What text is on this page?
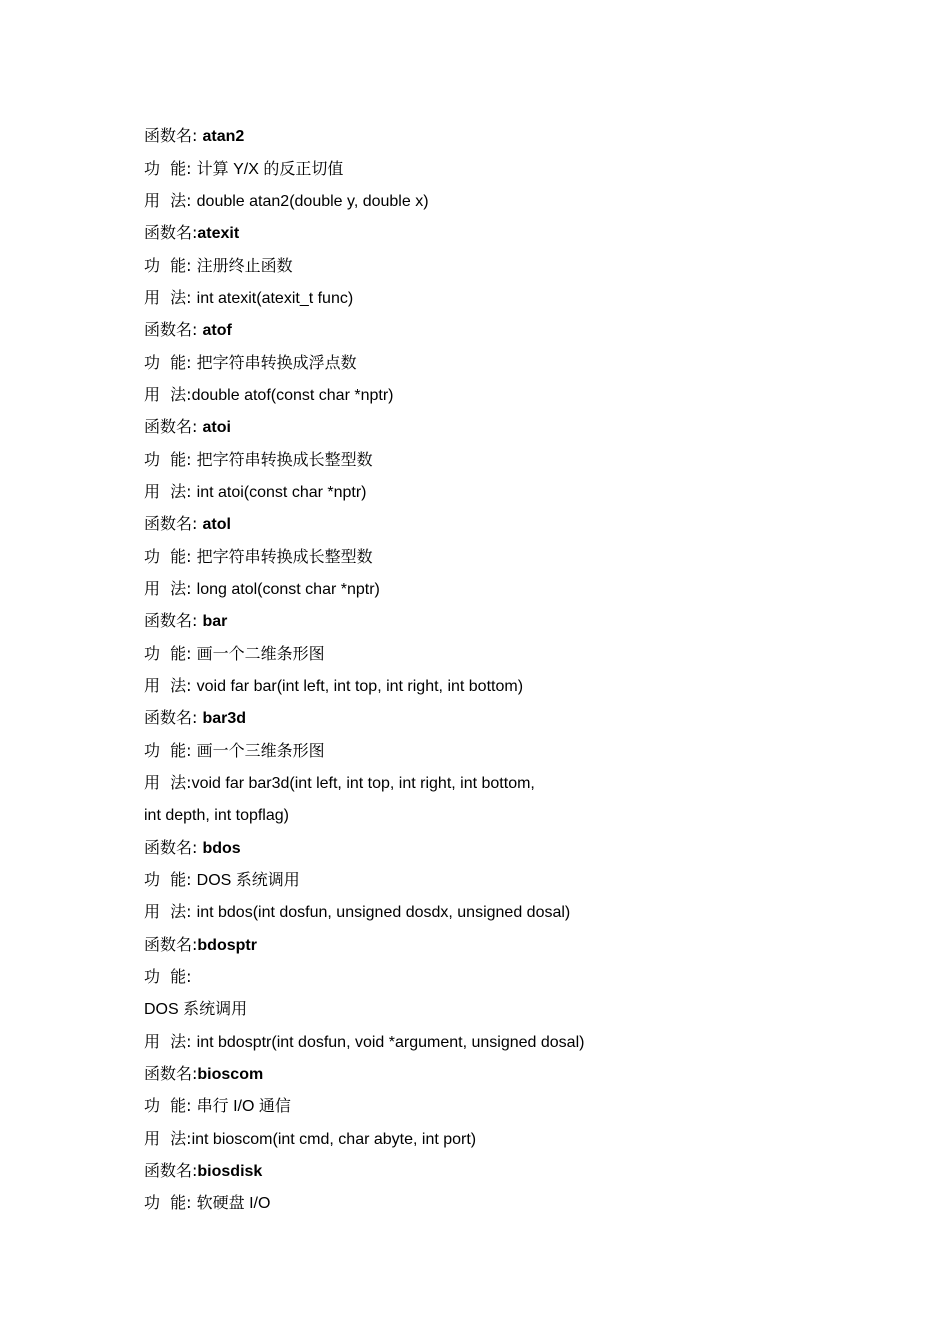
函数名: atan2
功  能: 计算 Y/X 的反正切值
用  法: double atan2(double y, double x)
函数名:atexit
功  能: 注册终止函数
用  法: int atexit(atexit_t func)
函数名: atof
功  能: 把字符串转换成浮点数
用  法:double atof(const char *nptr)
函数名: atoi
功  能: 把字符串转换成长整型数
用  法: int atoi(const char *nptr)
函数名: atol
功  能: 把字符串转换成长整型数
用  法: long atol(const char *nptr)
函数名: bar
功  能: 画一个二维条形图
用  法: void far bar(int left, int top, int right, int bottom)
函数名: bar3d
功  能: 画一个三维条形图
用  法:void far bar3d(int left, int top, int right, int bottom,
int depth, int topflag)
函数名: bdos
功  能: DOS 系统调用
用  法: int bdos(int dosfun, unsigned dosdx, unsigned dosal)
函数名:bdosptr
功  能:
DOS 系统调用
用  法: int bdosptr(int dosfun, void *argument, unsigned dosal)
函数名:bioscom
功  能: 串行 I/O 通信
用  法:int bioscom(int cmd, char abyte, int port)
函数名:biosdisk
功  能: 软硬盘 I/O
